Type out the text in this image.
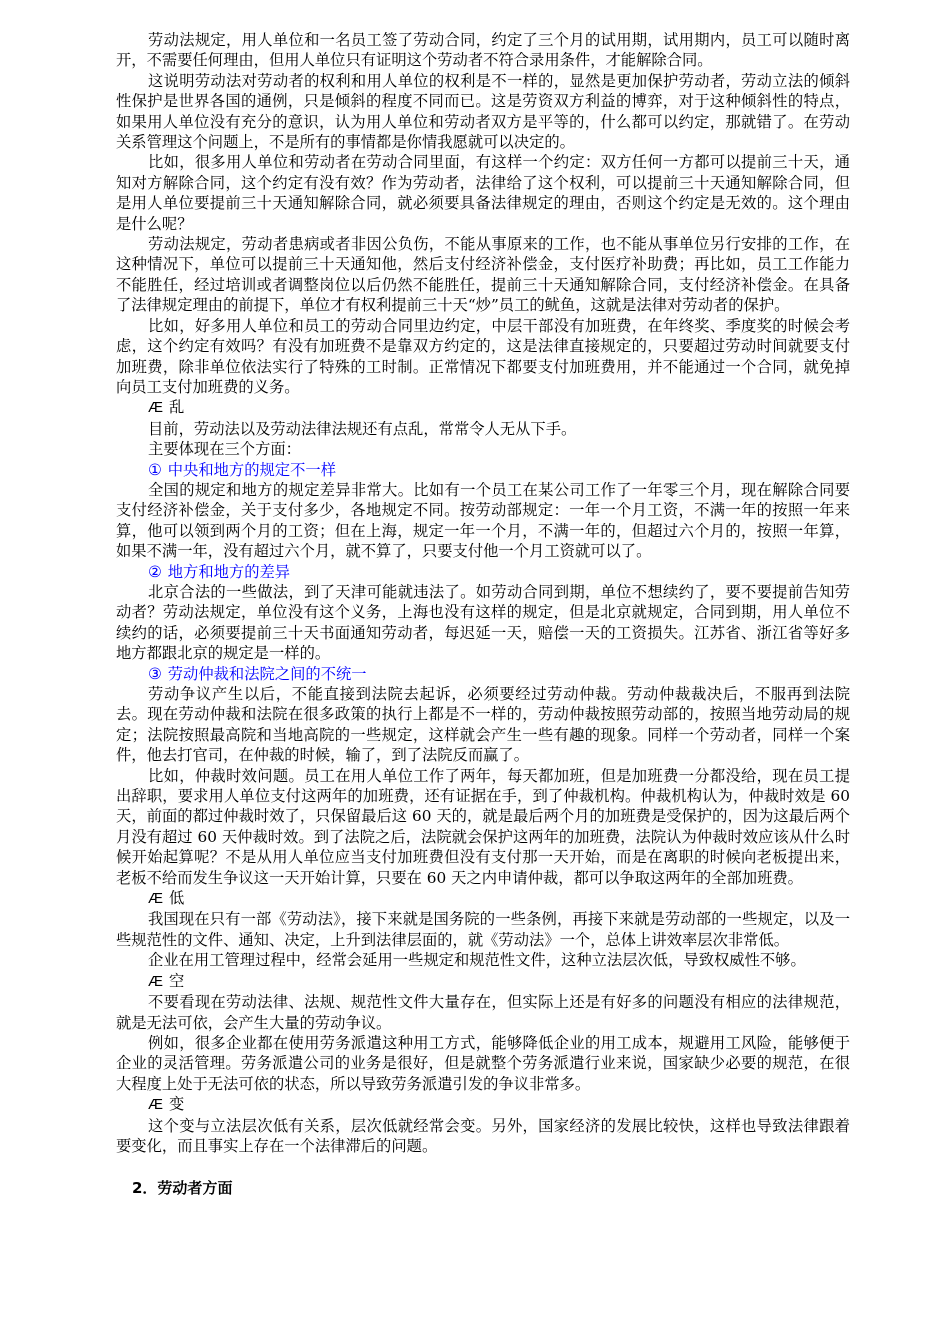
劳动法规定，用人单位和一名员工签了劳动合同，约定了三个月的试用期，试用期内，员工可以随时离开，不需要任何理由，但用人单位只有证明这个劳动者不符合录用条件，才能解除合同。

这说明劳动法对劳动者的权利和用人单位的权利是不一样的，显然是更加保护劳动者，劳动立法的倾斜性保护是世界各国的通例，只是倾斜的程度不同而已。这是劳资双方利益的博弈，对于这种倾斜性的特点，如果用人单位没有充分的意识，认为用人单位和劳动者双方是平等的，什么都可以约定，那就错了。在劳动关系管理这个问题上，不是所有的事情都是你情我愿就可以决定的。

比如，很多用人单位和劳动者在劳动合同里面，有这样一个约定：双方任何一方都可以提前三十天，通知对方解除合同，这个约定有没有效？作为劳动者，法律给了这个权利，可以提前三十天通知解除合同，但是用人单位要提前三十天通知解除合同，就必须要具备法律规定的理由，否则这个约定是无效的。这个理由是什么呢？

劳动法规定，劳动者患病或者非因公负伤，不能从事原来的工作，也不能从事单位另行安排的工作，在这种情况下，单位可以提前三十天通知他，然后支付经济补偿金，支付医疗补助费；再比如，员工工作能力不能胜任，经过培训或者调整岗位以后仍然不能胜任，提前三十天通知解除合同，支付经济补偿金。在具备了法律规定理由的前提下，单位才有权利提前三十天“炒”员工的鱿鱼，这就是法律对劳动者的保护。

比如，好多用人单位和员工的劳动合同里边约定，中层干部没有加班费，在年终奖、季度奖的时候会考虑，这个约定有效吗？有没有加班费不是靠双方约定的，这是法律直接规定的，只要超过劳动时间就要支付加班费，除非单位依法实行了特殊的工时制。正常情况下都要支付加班费用，并不能通过一个合同，就免掉向员工支付加班费的义务。

Æ 乱

目前，劳动法以及劳动法律法规还有点乱，常常令人无从下手。

主要体现在三个方面：

① 中央和地方的规定不一样

全国的规定和地方的规定差异非常大。比如有一个员工在某公司工作了一年零三个月，现在解除合同要支付经济补偿金，关于支付多少，各地规定不同。按劳动部规定：一年一个月工资，不满一年的按照一年来算，他可以领到两个月的工资；但在上海，规定一年一个月，不满一年的，但超过六个月的，按照一年算，如果不满一年，没有超过六个月，就不算了，只要支付他一个月工资就可以了。

② 地方和地方的差异

北京合法的一些做法，到了天津可能就违法了。如劳动合同到期，单位不想续约了，要不要提前告知劳动者？劳动法规定，单位没有这个义务，上海也没有这样的规定，但是北京就规定，合同到期，用人单位不续约的话，必须要提前三十天书面通知劳动者，每迟延一天，赔偿一天的工资损失。江苏省、浙江省等好多地方都跟北京的规定是一样的。

③ 劳动仲裁和法院之间的不统一

劳动争议产生以后，不能直接到法院去起诉，必须要经过劳动仲裁。劳动仲裁裁决后，不服再到法院去。现在劳动仲裁和法院在很多政策的执行上都是不一样的，劳动仲裁按照劳动部的，按照当地劳动局的规定；法院按照最高院和当地高院的一些规定，这样就会产生一些有趣的现象。同样一个劳动者，同样一个案件，他去打官司，在仲裁的时候，输了，到了法院反而赢了。

比如，仲裁时效问题。员工在用人单位工作了两年，每天都加班，但是加班费一分都没给，现在员工提出辞职，要求用人单位支付这两年的加班费，还有证据在手，到了仲裁机构。仲裁机构认为，仲裁时效是 60 天，前面的都过仲裁时效了，只保留最后这 60 天的，就是最后两个月的加班费是受保护的，因为这最后两个月没有超过 60 天仲裁时效。到了法院之后，法院就会保护这两年的加班费，法院认为仲裁时效应该从什么时候开始起算呢？不是从用人单位应当支付加班费但没有支付那一天开始，而是在离职的时候向老板提出来，老板不给而发生争议这一天开始计算，只要在 60 天之内申请仲裁，都可以争取这两年的全部加班费。

Æ 低

我国现在只有一部《劳动法》，接下来就是国务院的一些条例，再接下来就是劳动部的一些规定，以及一些规范性的文件、通知、决定，上升到法律层面的，就《劳动法》一个，总体上讲效率层次非常低。

企业在用工管理过程中，经常会延用一些规定和规范性文件，这种立法层次低，导致权威性不够。

Æ 空

不要看现在劳动法律、法规、规范性文件大量存在，但实际上还是有好多的问题没有相应的法律规范，就是无法可依，会产生大量的劳动争议。

例如，很多企业都在使用劳务派遣这种用工方式，能够降低企业的用工成本，规避用工风险，能够便于企业的灵活管理。劳务派遣公司的业务是很好，但是就整个劳务派遣行业来说，国家缺少必要的规范，在很大程度上处于无法可依的状态，所以导致劳务派遣引发的争议非常多。

Æ 变

这个变与立法层次低有关系，层次低就经常会变。另外，国家经济的发展比较快，这样也导致法律跟着要变化，而且事实上存在一个法律滞后的问题。

2．劳动者方面
